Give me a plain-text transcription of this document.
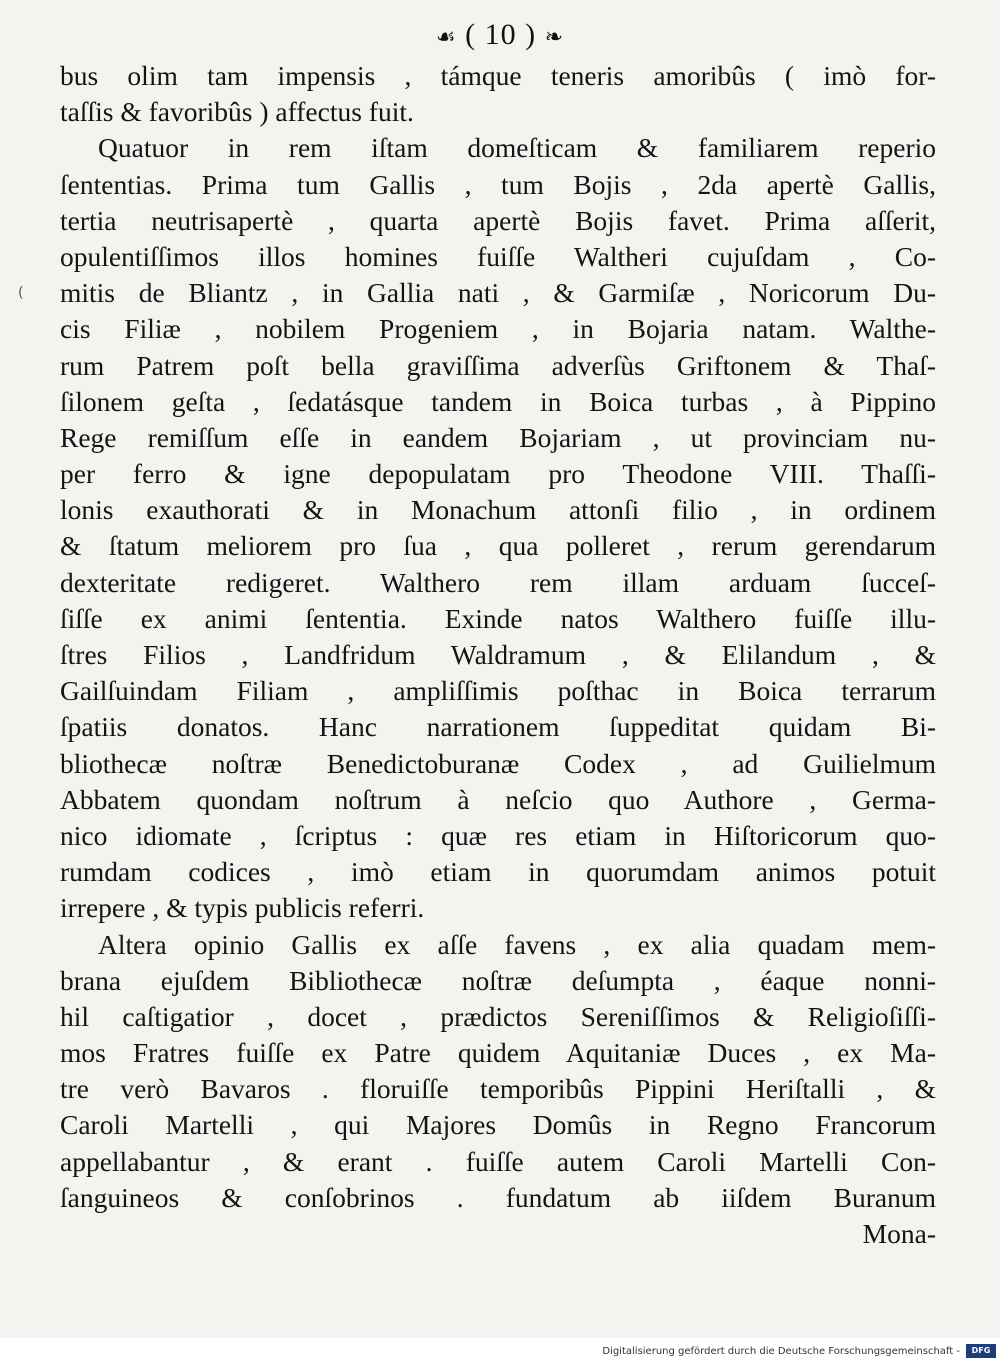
☙ ( 10 ) ❧
(
bus olim tam impensis , támque teneris amoribûs ( imò for-
taſſis & favoribûs ) affectus fuit.
Quatuor in rem iſtam domeſticam & familiarem reperio
ſententias. Prima tum Gallis , tum Bojis , 2da apertè Gallis,
tertia neutrisapertè , quarta apertè Bojis favet. Prima aſſerit,
opulentiſſimos illos homines fuiſſe Waltheri cujuſdam , Co-
mitis de Bliantz , in Gallia nati , & Garmiſæ , Noricorum Du-
cis Filiæ , nobilem Progeniem , in Bojaria natam. Walthe-
rum Patrem poſt bella graviſſima adverſùs Griftonem & Thaſ-
ſilonem geſta , ſedatásque tandem in Boica turbas , à Pippino
Rege remiſſum eſſe in eandem Bojariam , ut provinciam nu-
per ferro & igne depopulatam pro Theodone VIII. Thaſſi-
lonis exauthorati & in Monachum attonſi filio , in ordinem
& ſtatum meliorem pro ſua , qua polleret , rerum gerendarum
dexteritate redigeret. Walthero rem illam arduam ſucceſ-
ſiſſe ex animi ſententia. Exinde natos Walthero fuiſſe illu-
ſtres Filios , Landfridum Waldramum , & Elilandum , &
Gailſuindam Filiam , ampliſſimis poſthac in Boica terrarum
ſpatiis donatos. Hanc narrationem ſuppeditat quidam Bi-
bliothecæ noſtræ Benedictoburanæ Codex , ad Guilielmum
Abbatem quondam noſtrum à neſcio quo Authore , Germa-
nico idiomate , ſcriptus : quæ res etiam in Hiſtoricorum quo-
rumdam codices , imò etiam in quorumdam animos potuit
irrepere , & typis publicis referri.
Altera opinio Gallis ex aſſe favens , ex alia quadam mem-
brana ejuſdem Bibliothecæ noſtræ deſumpta , éaque nonni-
hil caſtigatior , docet , prædictos Sereniſſimos & Religioſiſſi-
mos Fratres fuiſſe ex Patre quidem Aquitaniæ Duces , ex Ma-
tre verò Bavaros . floruiſſe temporibûs Pippini Heriſtalli , &
Caroli Martelli , qui Majores Domûs in Regno Francorum
appellabantur , & erant . fuiſſe autem Caroli Martelli Con-
ſanguineos & conſobrinos . fundatum ab iiſdem Buranum
Mona-
Digitalisierung gefördert durch die Deutsche Forschungsgemeinschaft -	DFG
